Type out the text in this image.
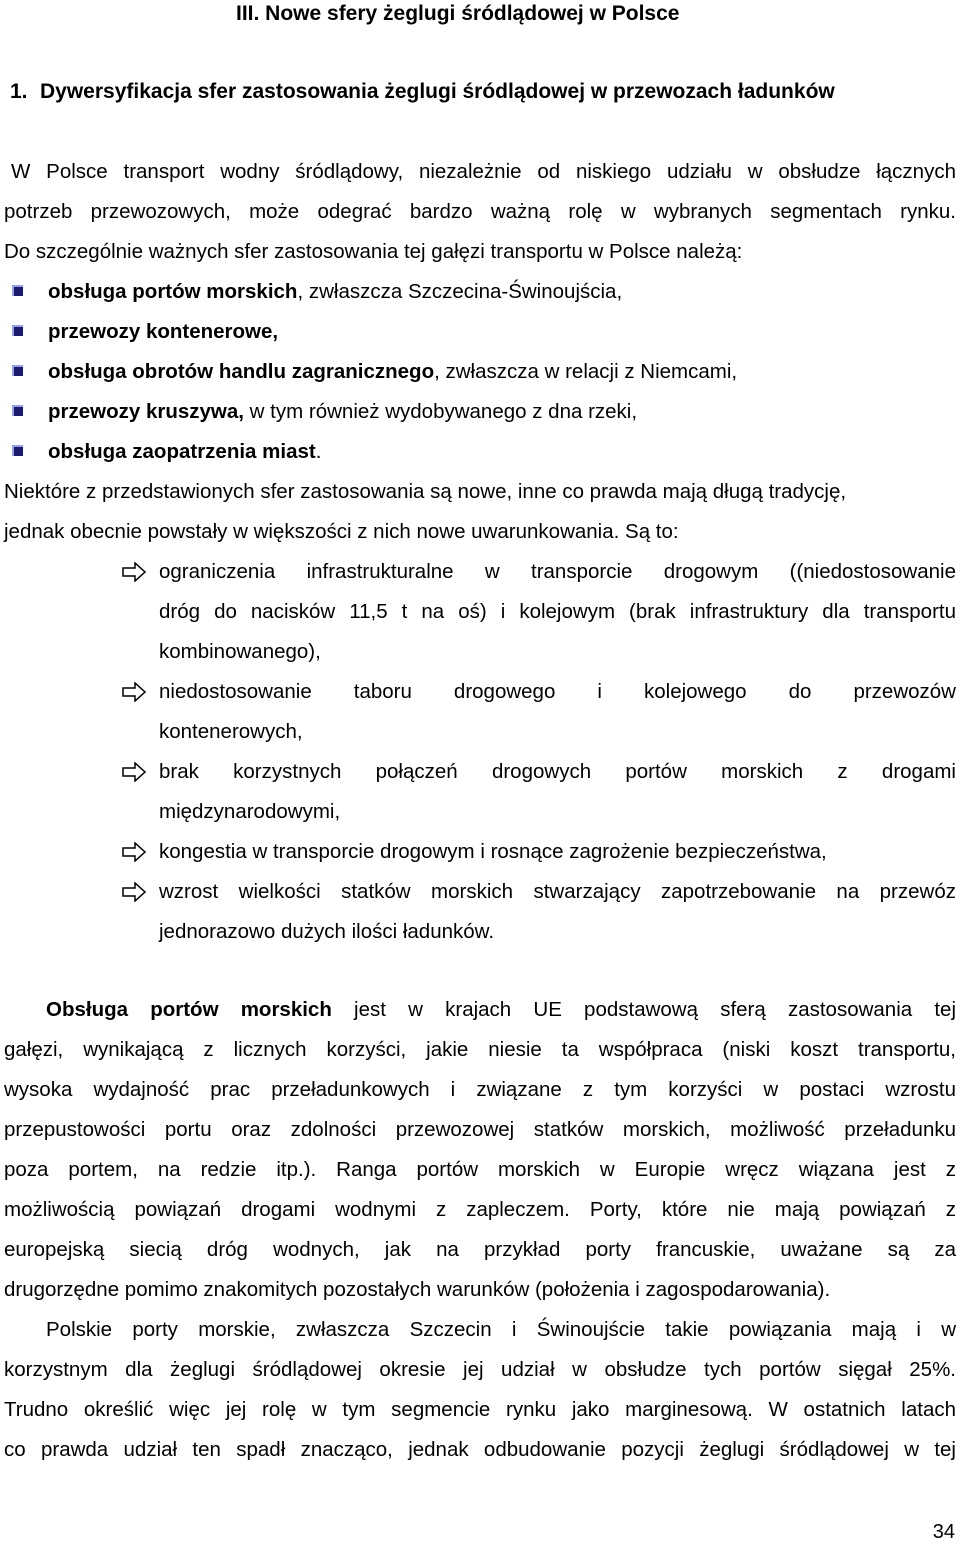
III. Nowe sfery żeglugi śródlądowej w Polsce
1. Dywersyfikacja sfer zastosowania żeglugi śródlądowej w przewozach ładunków
W Polsce transport wodny śródlądowy, niezależnie od niskiego udziału w obsłudze łącznych
potrzeb przewozowych, może odegrać bardzo ważną rolę w wybranych segmentach rynku.
Do szczególnie ważnych sfer zastosowania tej gałęzi transportu w Polsce należą:
obsługa portów morskich, zwłaszcza Szczecina-Świnoujścia,
przewozy kontenerowe,
obsługa obrotów handlu zagranicznego, zwłaszcza w relacji z Niemcami,
przewozy kruszywa, w tym również wydobywanego z dna rzeki,
obsługa zaopatrzenia miast.
Niektóre z przedstawionych sfer zastosowania są nowe, inne co prawda mają długą tradycję,
jednak obecnie powstały w większości z nich nowe uwarunkowania. Są to:
ograniczenia infrastrukturalne w transporcie drogowym ((niedostosowanie
dróg do nacisków 11,5 t na oś) i kolejowym (brak infrastruktury dla transportu
kombinowanego),
niedostosowanie taboru drogowego i kolejowego do przewozów
kontenerowych,
brak korzystnych połączeń drogowych portów morskich z drogami
międzynarodowymi,
kongestia w transporcie drogowym i rosnące zagrożenie bezpieczeństwa,
wzrost wielkości statków morskich stwarzający zapotrzebowanie na przewóz
jednorazowo dużych ilości ładunków.
Obsługa portów morskich jest w krajach UE podstawową sferą zastosowania tej
gałęzi, wynikającą z licznych korzyści, jakie niesie ta współpraca (niski koszt transportu,
wysoka wydajność prac przeładunkowych i związane z tym korzyści w postaci wzrostu
przepustowości portu oraz zdolności przewozowej statków morskich, możliwość przeładunku
poza portem, na redzie itp.). Ranga portów morskich w Europie wręcz wiązana jest z
możliwością powiązań drogami wodnymi z zapleczem. Porty, które nie mają powiązań z
europejską siecią dróg wodnych, jak na przykład porty francuskie, uważane są za
drugorzędne pomimo znakomitych pozostałych warunków (położenia i zagospodarowania).
Polskie porty morskie, zwłaszcza Szczecin i Świnoujście takie powiązania mają i w
korzystnym dla żeglugi śródlądowej okresie jej udział w obsłudze tych portów sięgał 25%.
Trudno określić więc jej rolę w tym segmencie rynku jako marginesową. W ostatnich latach
co prawda udział ten spadł znacząco, jednak odbudowanie pozycji żeglugi śródlądowej w tej
34
